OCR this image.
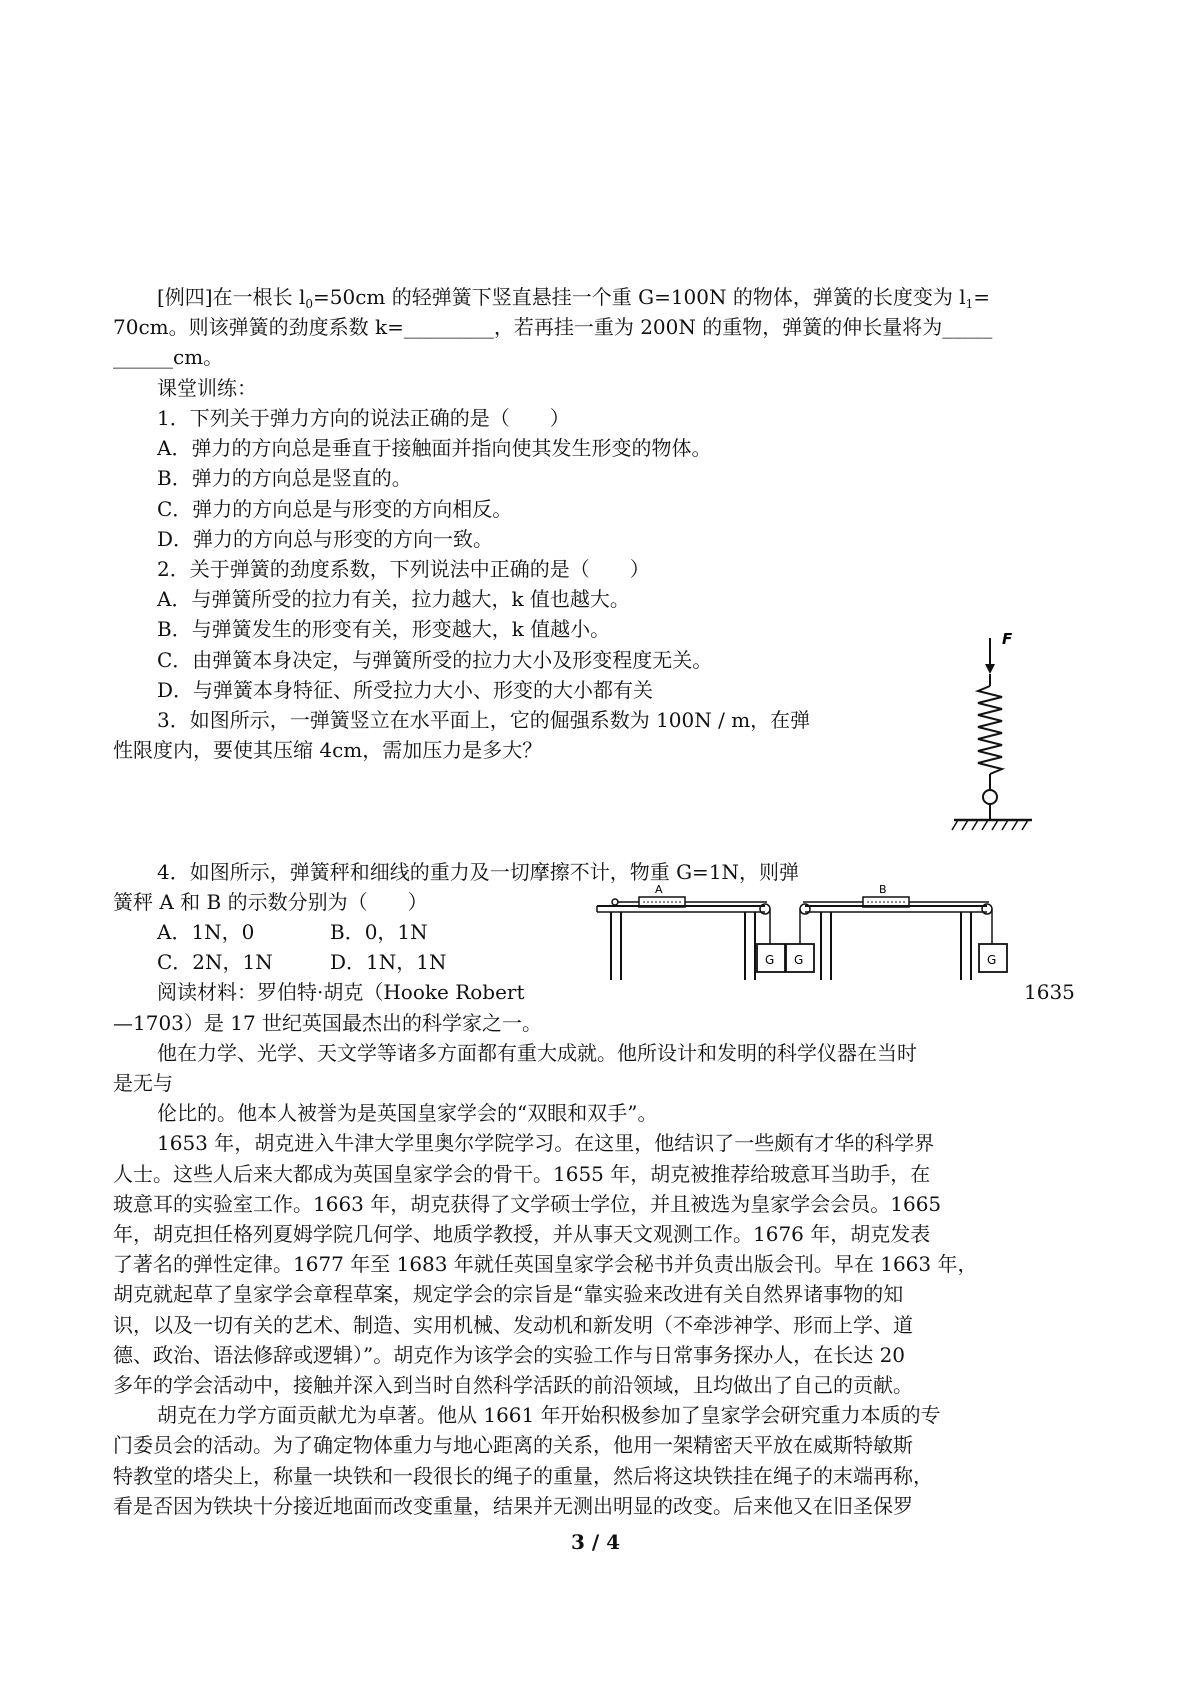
[例四]在一根长 $l_0=50cm$ 的轻弹簧下竖直悬挂一个重 G=100N 的物体，弹簧的长度变为 $l_1=$
70cm。则该弹簧的劲度系数 k=_________，若再挂一重为 200N 的重物，弹簧的伸长量将为_____
______cm。
课堂训练：
1．下列关于弹力方向的说法正确的是（　　）
A．弹力的方向总是垂直于接触面并指向使其发生形变的物体。
B．弹力的方向总是竖直的。
C．弹力的方向总是与形变的方向相反。
D．弹力的方向总与形变的方向一致。
2．关于弹簧的劲度系数，下列说法中正确的是（　　）
A．与弹簧所受的拉力有关，拉力越大，k 值也越大。
B．与弹簧发生的形变有关，形变越大，k 值越小。
C．由弹簧本身决定，与弹簧所受的拉力大小及形变程度无关。
D．与弹簧本身特征、所受拉力大小、形变的大小都有关
3．如图所示，一弹簧竖立在水平面上，它的倔强系数为 100N / m，在弹
性限度内，要使其压缩 4cm，需加压力是多大？
F
4．如图所示，弹簧秤和细线的重力及一切摩擦不计，物重 G=1N，则弹
簧秤 A 和 B 的示数分别为（　　）
A．1N，0	B．0，1N
C．2N，1N	D．1N，1N
A
G
B
G	G
阅读材料：罗伯特·胡克（Hooke Robert	1635
—1703）是 17 世纪英国最杰出的科学家之一。
他在力学、光学、天文学等诸多方面都有重大成就。他所设计和发明的科学仪器在当时
是无与
伦比的。他本人被誉为是英国皇家学会的“双眼和双手”。
1653 年，胡克进入牛津大学里奥尔学院学习。在这里，他结识了一些颇有才华的科学界
人士。这些人后来大都成为英国皇家学会的骨干。1655 年，胡克被推荐给玻意耳当助手，在
玻意耳的实验室工作。1663 年，胡克获得了文学硕士学位，并且被选为皇家学会会员。1665
年，胡克担任格列夏姆学院几何学、地质学教授，并从事天文观测工作。1676 年，胡克发表
了著名的弹性定律。1677 年至 1683 年就任英国皇家学会秘书并负责出版会刊。早在 1663 年，
胡克就起草了皇家学会章程草案，规定学会的宗旨是“靠实验来改进有关自然界诸事物的知
识，以及一切有关的艺术、制造、实用机械、发动机和新发明（不牵涉神学、形而上学、道
德、政治、语法修辞或逻辑）”。胡克作为该学会的实验工作与日常事务探办人，在长达 20
多年的学会活动中，接触并深入到当时自然科学活跃的前沿领域，且均做出了自己的贡献。
胡克在力学方面贡献尤为卓著。他从 1661 年开始积极参加了皇家学会研究重力本质的专
门委员会的活动。为了确定物体重力与地心距离的关系，他用一架精密天平放在威斯特敏斯
特教堂的塔尖上，称量一块铁和一段很长的绳子的重量，然后将这块铁挂在绳子的末端再称，
看是否因为铁块十分接近地面而改变重量，结果并无测出明显的改变。后来他又在旧圣保罗
3 / 4
